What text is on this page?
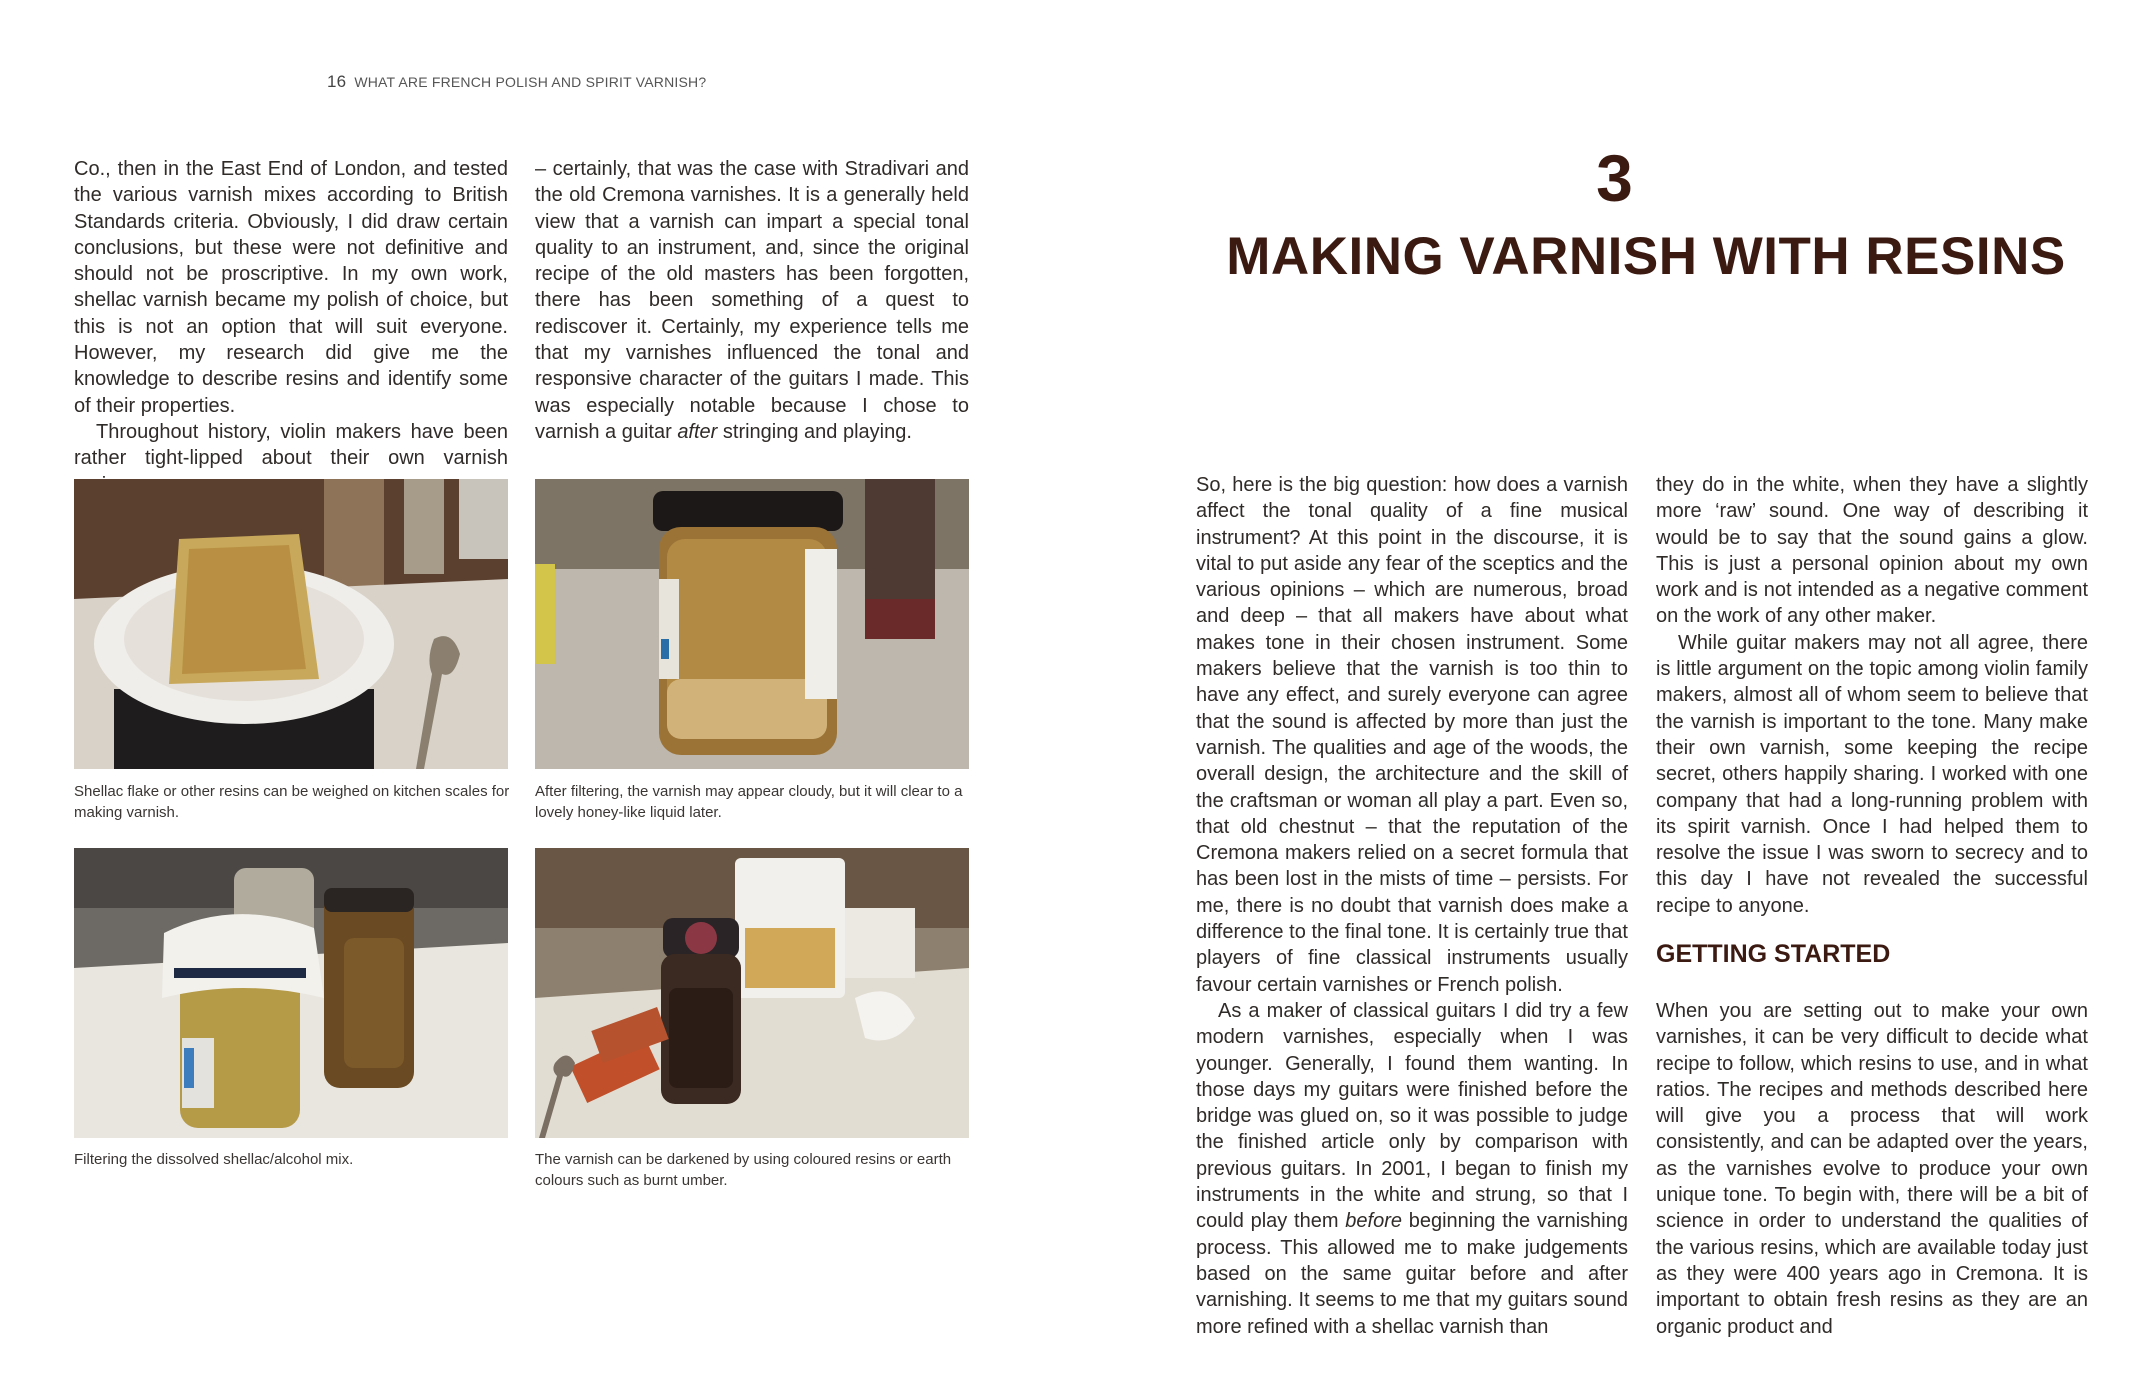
16 WHAT ARE FRENCH POLISH AND SPIRIT VARNISH?

Co., then in the East End of London, and tested the various varnish mixes according to British Standards criteria. Obviously, I did draw certain conclusions, but these were not definitive and should not be proscriptive. In my own work, shellac varnish became my polish of choice, but this is not an option that will suit everyone. However, my research did give me the knowledge to describe resins and identify some of their properties.

Throughout history, violin makers have been rather tight-lipped about their own varnish

– certainly, that was the case with Stradivari and the old Cremona varnishes. It is a generally held view that a varnish can impart a special tonal quality to an instrument, and, since the original recipe of the old masters has been forgotten, there has been something of a quest to rediscover it. Certainly, my experience tells me that my varnishes influenced the tonal and responsive character of the guitars I made. This was especially notable because I chose to varnish a guitar after stringing and playing.

Shellac flake or other resins can be weighed on kitchen scales for making varnish.
After filtering, the varnish may appear cloudy, but it will clear to a lovely honey-like liquid later.
Filtering the dissolved shellac/alcohol mix.	The varnish can be darkened by using coloured resins or earth colours such as burnt umber.
3
MAKING VARNISH WITH RESINS

So, here is the big question: how does a varnish affect the tonal quality of a fine musical instrument? At this point in the discourse, it is vital to put aside any fear of the sceptics and the various opinions – which are numerous, broad and deep – that all makers have about what makes tone in their chosen instrument. Some makers believe that the varnish is too thin to have any effect, and surely everyone can agree that the sound is affected by more than just the varnish. The qualities and age of the woods, the overall design, the architecture and the skill of the craftsman or woman all play a part. Even so, that old chestnut – that the reputation of the Cremona makers relied on a secret formula that has been lost in the mists of time – persists. For me, there is no doubt that varnish does make a difference to the final tone. It is certainly true that players of fine classical instruments usually favour certain varnishes or French polish.

As a maker of classical guitars I did try a few modern varnishes, especially when I was younger. Generally, I found them wanting. In those days my guitars were finished before the bridge was glued on, so it was possible to judge the finished article only by comparison with previous guitars. In 2001, I began to finish my instruments in the white and strung, so that I could play them before beginning the varnishing process. This allowed me to make judgements based on the same guitar before and after varnishing. It seems to me that my guitars sound more refined with a shellac varnish than

they do in the white, when they have a slightly more ‘raw’ sound. One way of describing it would be to say that the sound gains a glow. This is just a personal opinion about my own work and is not intended as a negative comment on the work of any other maker.

While guitar makers may not all agree, there is little argument on the topic among violin family makers, almost all of whom seem to believe that the varnish is important to the tone. Many make their own varnish, some keeping the recipe secret, others happily sharing. I worked with one company that had a long-running problem with its spirit varnish. Once I had helped them to resolve the issue I was sworn to secrecy and to this day I have not revealed the successful recipe to anyone.

GETTING STARTED

When you are setting out to make your own varnishes, it can be very difficult to decide what recipe to follow, which resins to use, and in what ratios. The recipes and methods described here will give you a process that will work consistently, and can be adapted over the years, as the varnishes evolve to produce your own unique tone. To begin with, there will be a bit of science in order to understand the qualities of the various resins, which are available today just as they were 400 years ago in Cremona. It is important to obtain fresh resins as they are an organic product and
